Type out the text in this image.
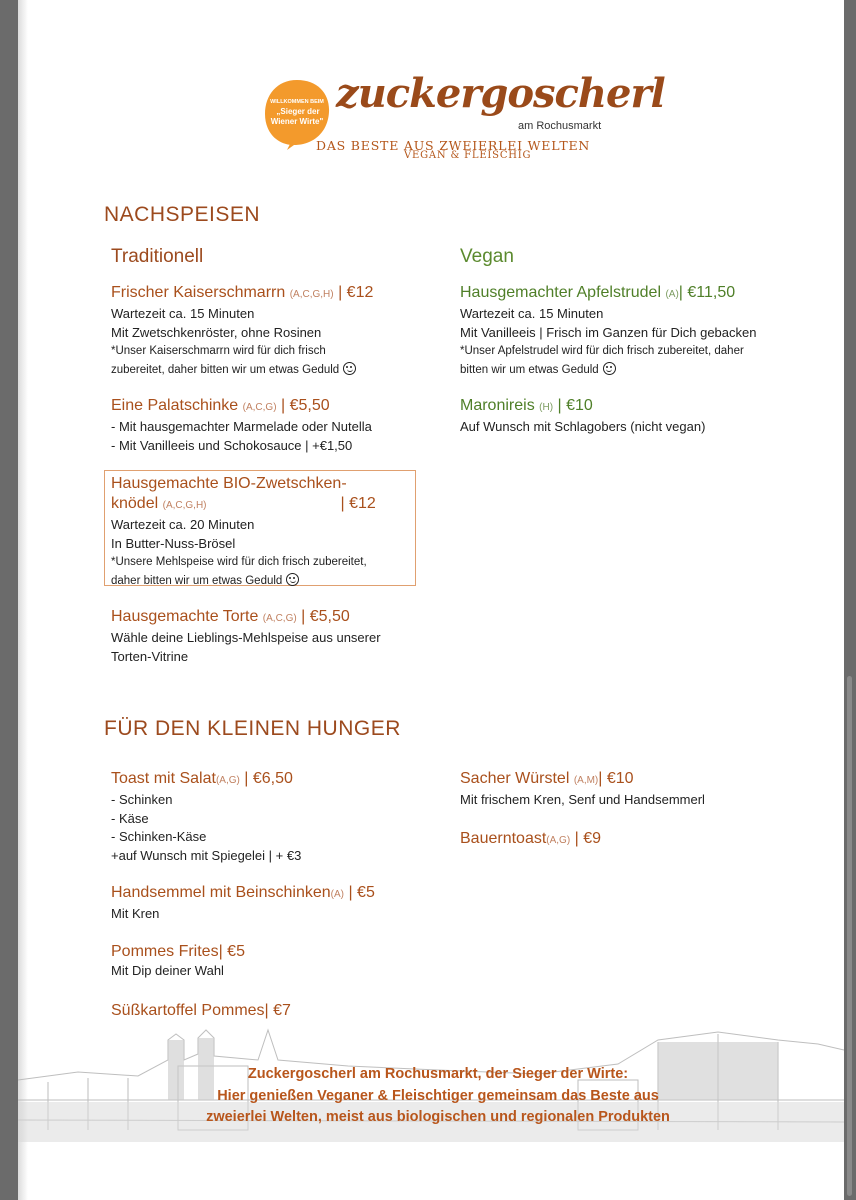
WILLKOMMEN BEIM
„Sieger der
Wiener Wirte"
zuckergoscherl
am Rochusmarkt
DAS BESTE AUS ZWEIERLEI WELTEN
VEGAN & FLEISCHIG
NACHSPEISEN
Traditionell	Vegan
Frischer Kaiserschmarrn (A,C,G,H) | €12
Wartezeit ca. 15 Minuten
Mit Zwetschkenröster, ohne Rosinen
*Unser Kaiserschmarrn wird für dich frisch
zubereitet, daher bitten wir um etwas Geduld
Eine Palatschinke (A,C,G) | €5,50
- Mit hausgemachter Marmelade oder Nutella
- Mit Vanilleeis und Schokosauce | +€1,50
Hausgemachte BIO-Zwetschken-
knödel (A,C,G,H)	| €12
Wartezeit ca. 20 Minuten
In Butter-Nuss-Brösel
*Unsere Mehlspeise wird für dich frisch zubereitet,
daher bitten wir um etwas Geduld
Hausgemachte Torte (A,C,G) | €5,50
Wähle deine Lieblings-Mehlspeise aus unserer
Torten-Vitrine
Hausgemachter Apfelstrudel (A)| €11,50
Wartezeit ca. 15 Minuten
Mit Vanilleeis | Frisch im Ganzen für Dich gebacken
*Unser Apfelstrudel wird für dich frisch zubereitet, daher
bitten wir um etwas Geduld
Maronireis (H) | €10
Auf Wunsch mit Schlagobers (nicht vegan)
FÜR DEN KLEINEN HUNGER
Toast mit Salat(A,G) | €6,50
- Schinken
- Käse
- Schinken-Käse
+auf Wunsch mit Spiegelei | + €3
Handsemmel mit Beinschinken(A) | €5
Mit Kren
Pommes Frites| €5
Mit Dip deiner Wahl
Süßkartoffel Pommes| €7
Sacher Würstel (A,M)| €10
Mit frischem Kren, Senf und Handsemmerl
Bauerntoast(A,G) | €9
Zuckergoscherl am Rochusmarkt, der Sieger der Wirte:
Hier genießen Veganer & Fleischtiger gemeinsam das Beste aus
zweierlei Welten, meist aus biologischen und regionalen Produkten
